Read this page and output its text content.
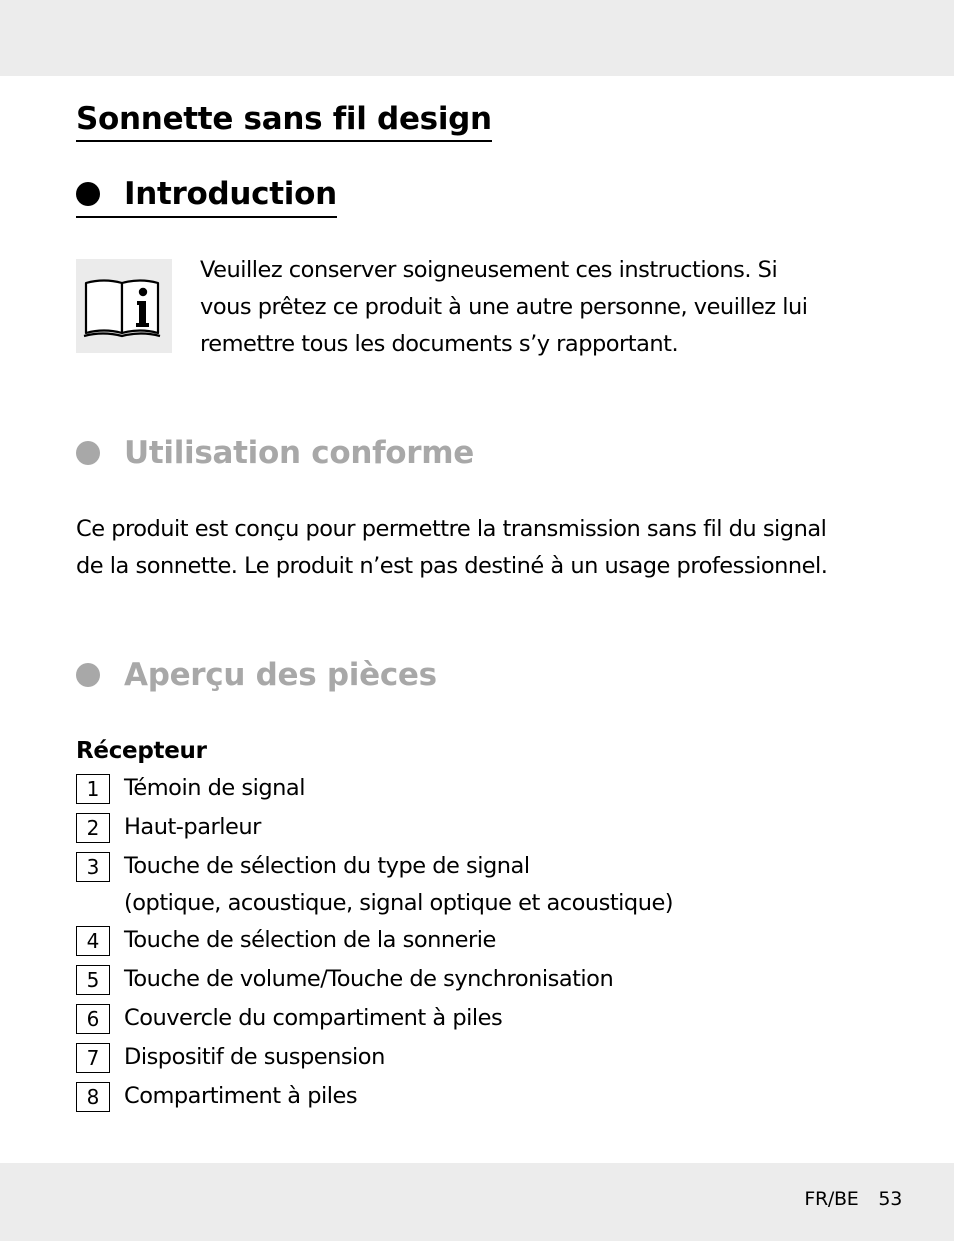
Sonnette sans fil design
Introduction
Veuillez conserver soigneusement ces instructions. Si
vous prêtez ce produit à une autre personne, veuillez lui
remettre tous les documents s’y rapportant.
Utilisation conforme
Ce produit est conçu pour permettre la transmission sans fil du signal
de la sonnette. Le produit n’est pas destiné à un usage professionnel.
Aperçu des pièces
Récepteur
1	Témoin de signal
2	Haut-parleur
3	Touche de sélection du type de signal
(optique, acoustique, signal optique et acoustique)
4	Touche de sélection de la sonnerie
5	Touche de volume/Touche de synchronisation
6	Couvercle du compartiment à piles
7	Dispositif de suspension
8	Compartiment à piles
FR/BE 53
